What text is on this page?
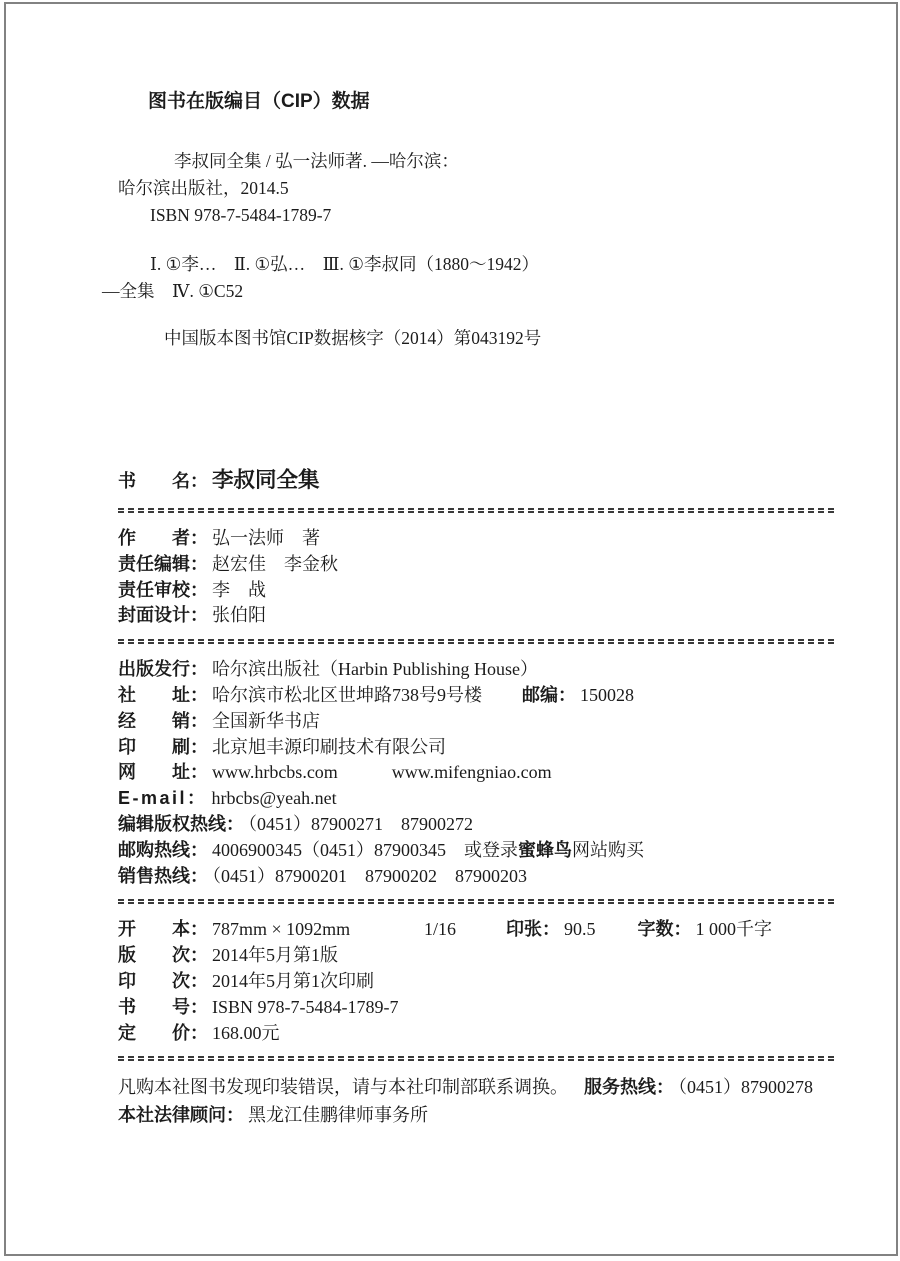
图书在版编目（CIP）数据

李叔同全集 / 弘一法师著. —哈尔滨：

哈尔滨出版社，2014.5

ISBN 978-7-5484-1789-7

Ⅰ. ①李…　Ⅱ. ①弘…　Ⅲ. ①李叔同（1880～1942）

—全集　Ⅳ. ①C52

中国版本图书馆CIP数据核字（2014）第043192号

书　　名： 李叔同全集
作　　者： 弘一法师　著
责任编辑： 赵宏佳　李金秋
责任审校： 李　战
封面设计： 张伯阳
出版发行： 哈尔滨出版社（Harbin Publishing House）
社　　址： 哈尔滨市松北区世坤路738号9号楼 邮编： 150028
经　　销： 全国新华书店
印　　刷： 北京旭丰源印刷技术有限公司
网　　址： www.hrbcbs.com　　　www.mifengniao.com
E-mail： hrbcbs@yeah.net
编辑版权热线： （0451）87900271　87900272
邮购热线： 4006900345（0451）87900345　或登录蜜蜂鸟网站购买
销售热线： （0451）87900201　87900202　87900203
开　　本： 787mm × 1092mm	1/16	印张： 90.5 字数： 1 000千字
版　　次： 2014年5月第1版
印　　次： 2014年5月第1次印刷
书　　号： ISBN 978-7-5484-1789-7
定　　价： 168.00元
凡购本社图书发现印装错误，请与本社印制部联系调换。 服务热线： （0451）87900278
本社法律顾问： 黑龙江佳鹏律师事务所
